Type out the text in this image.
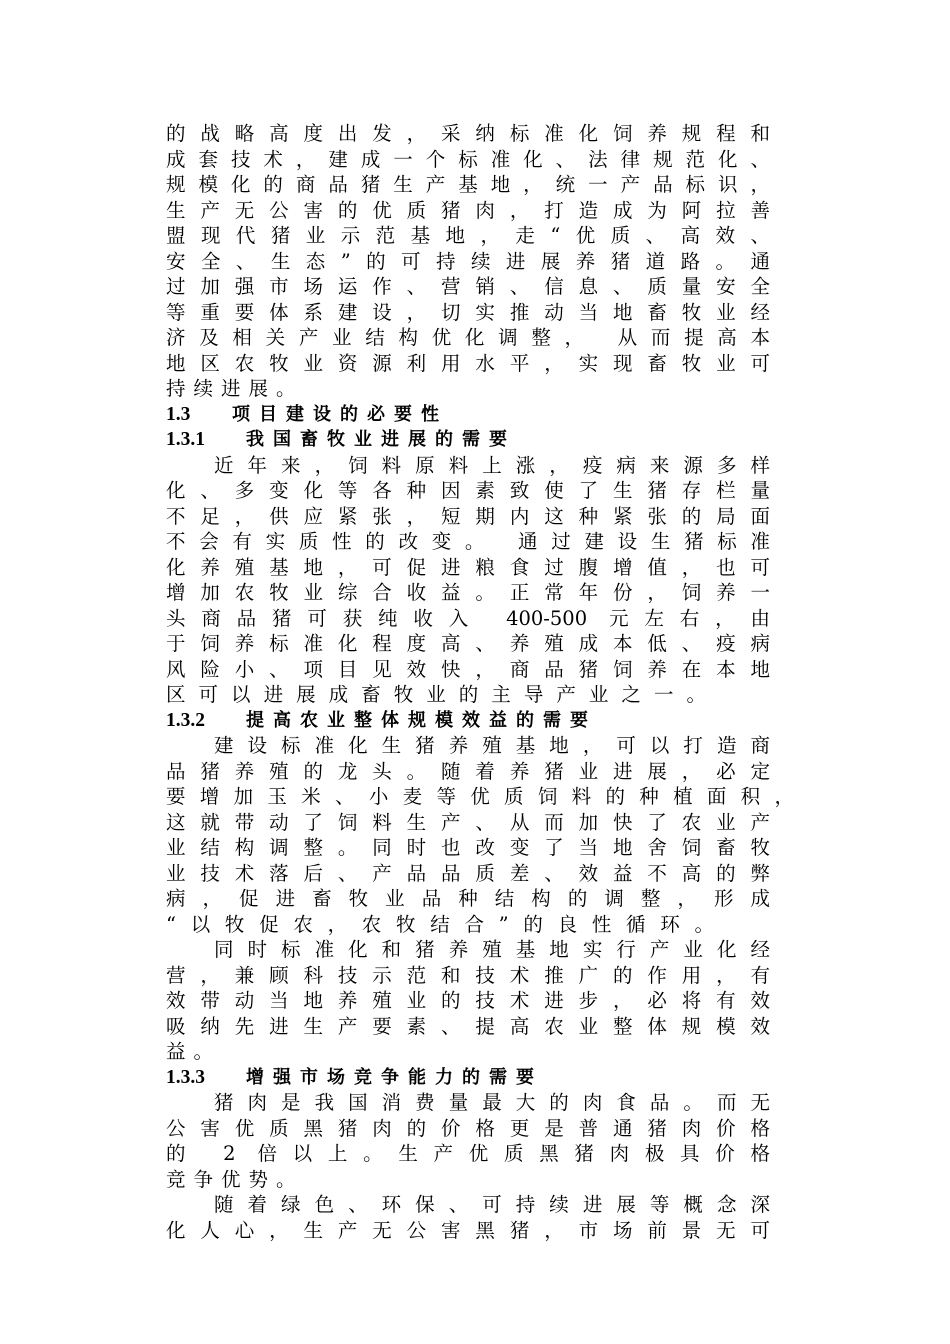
的战略高度出发，采纳标准化饲养规程和
成套技术，建成一个标准化、法律规范化、
规模化的商品猪生产基地，统一产品标识，
生产无公害的优质猪肉，打造成为阿拉善
盟现代猪业示范基地，走“优质、高效、
安全、生态”的可持续进展养猪道路。通
过加强市场运作、营销、信息、质量安全
等重要体系建设，切实推动当地畜牧业经
济及相关产业结构优化调整， 从而提高本
地区农牧业资源利用水平，实现畜牧业可
持续进展。
1.3 项目建设的必要性
1.3.1 我国畜牧业进展的需要
近年来，饲料原料上涨，疫病来源多样
化、多变化等各种因素致使了生猪存栏量
不足，供应紧张，短期内这种紧张的局面
不会有实质性的改变。 通过建设生猪标准
化养殖基地，可促进粮食过腹增值，也可
增加农牧业综合收益。正常年份，饲养一
头商品猪可获纯收入 400-500 元左右，由
于饲养标准化程度高、养殖成本低、疫病
风险小、项目见效快，商品猪饲养在本地
区可以进展成畜牧业的主导产业之一。
1.3.2 提高农业整体规模效益的需要
建设标准化生猪养殖基地，可以打造商
品猪养殖的龙头。随着养猪业进展，必定
要增加玉米、小麦等优质饲料的种植面积，
这就带动了饲料生产、从而加快了农业产
业结构调整。同时也改变了当地舍饲畜牧
业技术落后、产品品质差、效益不高的弊
病，促进畜牧业品种结构的调整，形成
“以牧促农，农牧结合”的良性循环。
同时标准化和猪养殖基地实行产业化经
营，兼顾科技示范和技术推广的作用，有
效带动当地养殖业的技术进步，必将有效
吸纳先进生产要素、提高农业整体规模效
益。
1.3.3 增强市场竞争能力的需要
猪肉是我国消费量最大的肉食品。而无
公害优质黑猪肉的价格更是普通猪肉价格
的 2 倍以上。生产优质黑猪肉极具价格
竞争优势。
随着绿色、环保、可持续进展等概念深
化人心，生产无公害黑猪，市场前景无可
